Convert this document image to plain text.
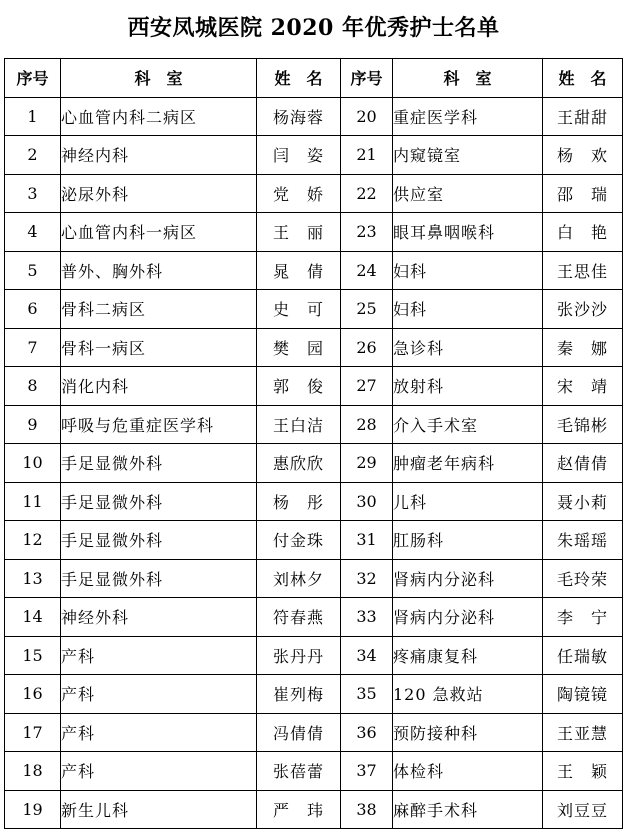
西安凤城医院 2020 年优秀护士名单
序号	科　室	姓　名	序号	科　室	姓　名
1	心血管内科二病区	杨海蓉	20	重症医学科	王甜甜
2	神经内科	闫　姿	21	内窥镜室	杨　欢
3	泌尿外科	党　娇	22	供应室	邵　瑞
4	心血管内科一病区	王　丽	23	眼耳鼻咽喉科	白　艳
5	普外、胸外科	晁　倩	24	妇科	王思佳
6	骨科二病区	史　可	25	妇科	张沙沙
7	骨科一病区	樊　园	26	急诊科	秦　娜
8	消化内科	郭　俊	27	放射科	宋　靖
9	呼吸与危重症医学科	王白洁	28	介入手术室	毛锦彬
10	手足显微外科	惠欣欣	29	肿瘤老年病科	赵倩倩
11	手足显微外科	杨　彤	30	儿科	聂小莉
12	手足显微外科	付金珠	31	肛肠科	朱瑶瑶
13	手足显微外科	刘林夕	32	肾病内分泌科	毛玲荣
14	神经外科	符春燕	33	肾病内分泌科	李　宁
15	产科	张丹丹	34	疼痛康复科	任瑞敏
16	产科	崔列梅	35	120 急救站	陶镜镜
17	产科	冯倩倩	36	预防接种科	王亚慧
18	产科	张蓓蕾	37	体检科	王　颖
19	新生儿科	严　玮	38	麻醉手术科	刘豆豆
